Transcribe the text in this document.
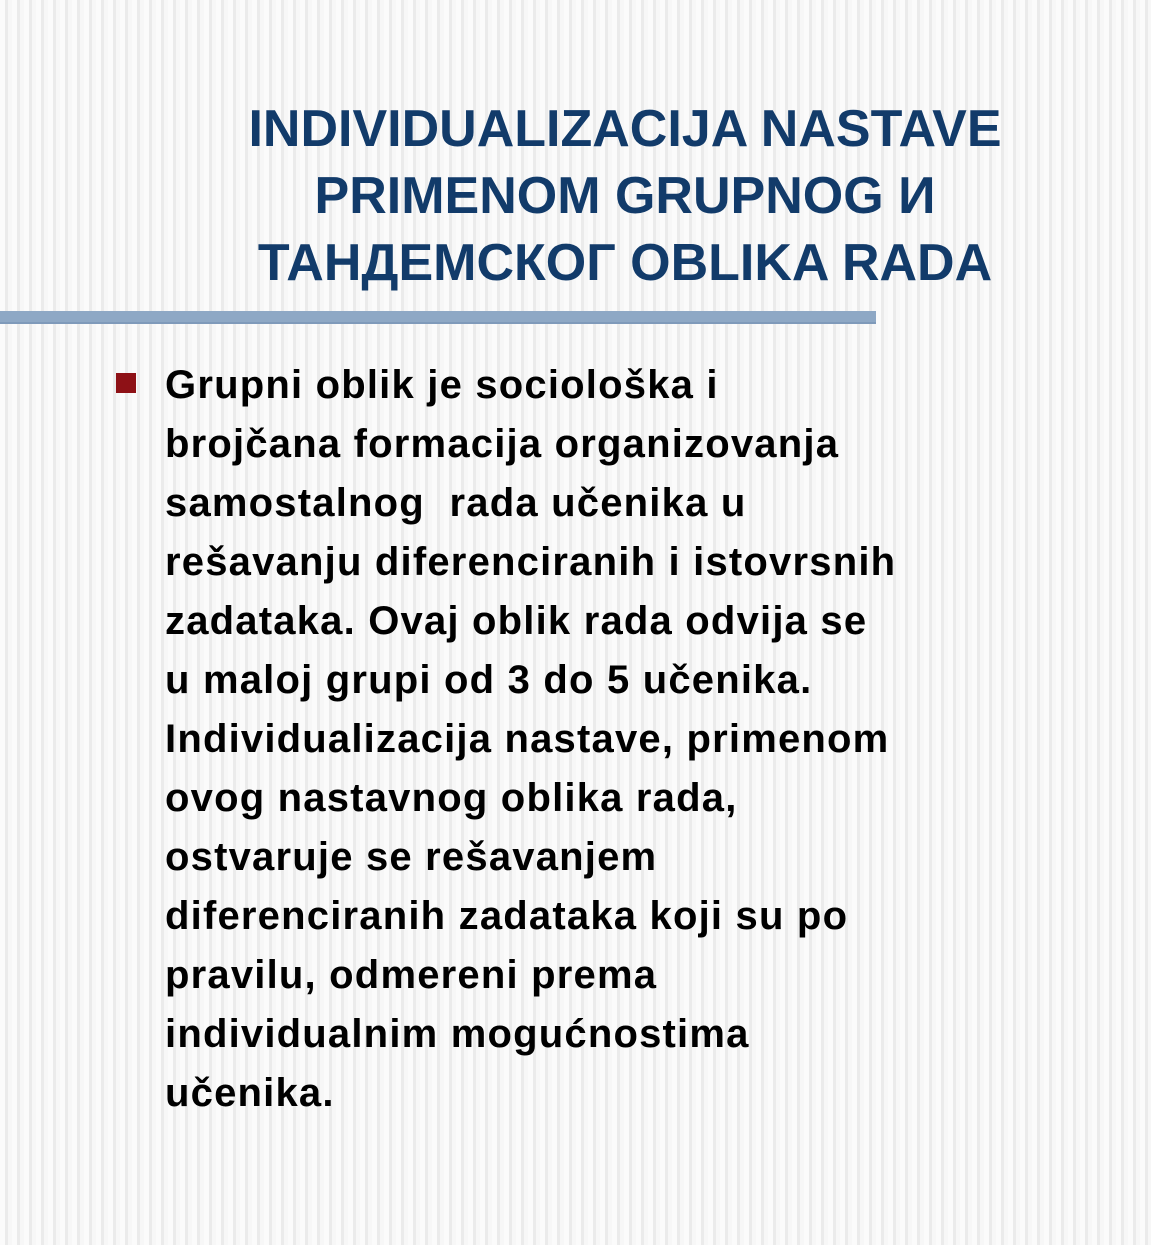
INDIVIDUALIZACIJA NASTAVE
PRIMENOM GRUPNOG И
ТАНДЕМСКОГ OBLIKA RADA
Grupni oblik je sociološka i
brojčana formacija organizovanja
samostalnog  rada učenika u
rešavanju diferenciranih i istovrsnih
zadataka. Ovaj oblik rada odvija se
u maloj grupi od 3 do 5 učenika.
Individualizacija nastave, primenom
ovog nastavnog oblika rada,
ostvaruje se rešavanjem
diferenciranih zadataka koji su po
pravilu, odmereni prema
individualnim mogućnostima
učenika.
